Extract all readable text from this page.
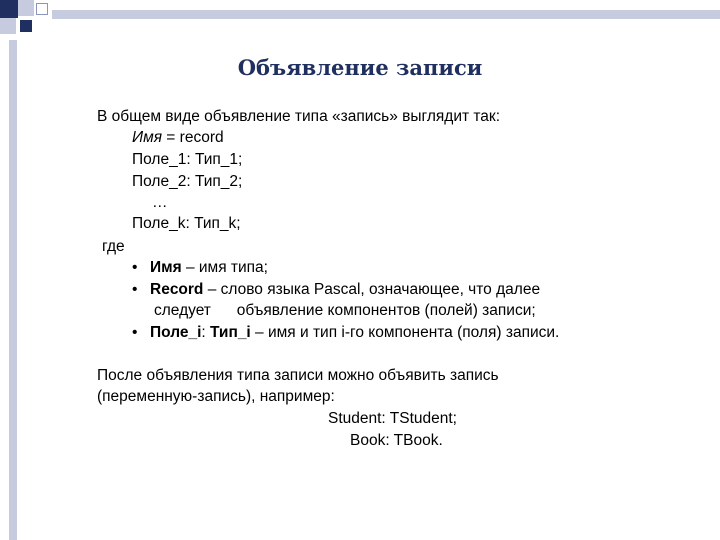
Объявление записи
В общем виде объявление типа «запись» выглядит так:
Имя = record
Поле_1: Тип_1;
Поле_2: Тип_2;
…
Поле_k: Тип_k;
где
• Имя – имя типа;
• Record – слово языка Pascal, означающее, что далее
следует      объявление компонентов (полей) записи;
• Поле_i: Тип_i – имя и тип i-го компонента (поля) записи.
После объявления типа записи можно объявить запись
(переменную-запись), например:
Student: TStudent;
Book: TBook.
